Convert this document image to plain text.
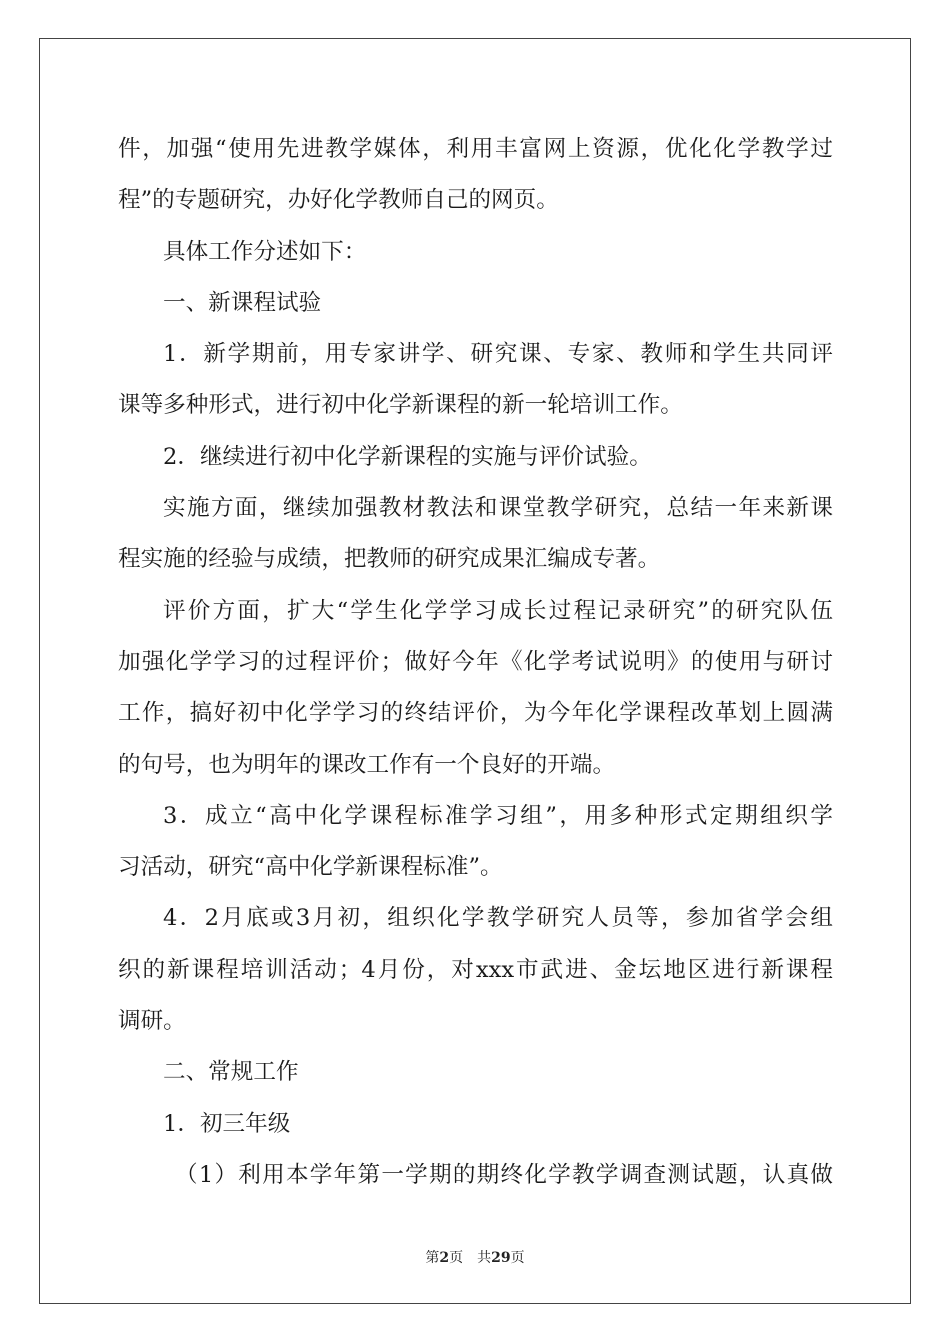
件，加强“使用先进教学媒体，利用丰富网上资源，优化化学教学过
程”的专题研究，办好化学教师自己的网页。
具体工作分述如下：
一、新课程试验
1．新学期前，用专家讲学、研究课、专家、教师和学生共同评
课等多种形式，进行初中化学新课程的新一轮培训工作。
2．继续进行初中化学新课程的实施与评价试验。
实施方面，继续加强教材教法和课堂教学研究，总结一年来新课
程实施的经验与成绩，把教师的研究成果汇编成专著。
评价方面，扩大“学生化学学习成长过程记录研究”的研究队伍
加强化学学习的过程评价；做好今年《化学考试说明》的使用与研讨
工作，搞好初中化学学习的终结评价，为今年化学课程改革划上圆满
的句号，也为明年的课改工作有一个良好的开端。
3．成立“高中化学课程标准学习组”，用多种形式定期组织学
习活动，研究“高中化学新课程标准”。
4．2月底或3月初，组织化学教学研究人员等，参加省学会组
织的新课程培训活动；4月份，对xxx市武进、金坛地区进行新课程
调研。
二、常规工作
1．初三年级
（1）利用本学年第一学期的期终化学教学调查测试题，认真做
第2页 共29页
